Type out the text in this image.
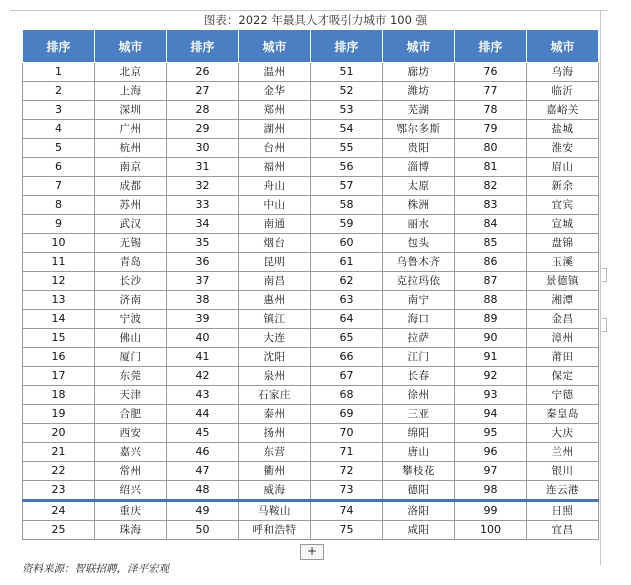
图表：2022 年最具人才吸引力城市 100 强
排序	城市	排序	城市	排序	城市	排序	城市
1	北京	26	温州	51	廊坊	76	乌海
2	上海	27	金华	52	潍坊	77	临沂
3	深圳	28	郑州	53	芜湖	78	嘉峪关
4	广州	29	湖州	54	鄂尔多斯	79	盐城
5	杭州	30	台州	55	贵阳	80	淮安
6	南京	31	福州	56	淄博	81	眉山
7	成都	32	舟山	57	太原	82	新余
8	苏州	33	中山	58	株洲	83	宜宾
9	武汉	34	南通	59	丽水	84	宣城
10	无锡	35	烟台	60	包头	85	盘锦
11	青岛	36	昆明	61	乌鲁木齐	86	玉溪
12	长沙	37	南昌	62	克拉玛依	87	景德镇
13	济南	38	惠州	63	南宁	88	湘潭
14	宁波	39	镇江	64	海口	89	金昌
15	佛山	40	大连	65	拉萨	90	漳州
16	厦门	41	沈阳	66	江门	91	莆田
17	东莞	42	泉州	67	长春	92	保定
18	天津	43	石家庄	68	徐州	93	宁德
19	合肥	44	泰州	69	三亚	94	秦皇岛
20	西安	45	扬州	70	绵阳	95	大庆
21	嘉兴	46	东营	71	唐山	96	兰州
22	常州	47	衢州	72	攀枝花	97	银川
23	绍兴	48	威海	73	德阳	98	连云港
24	重庆	49	马鞍山	74	洛阳	99	日照
25	珠海	50	呼和浩特	75	咸阳	100	宜昌
+
资料来源：智联招聘，泽平宏观
